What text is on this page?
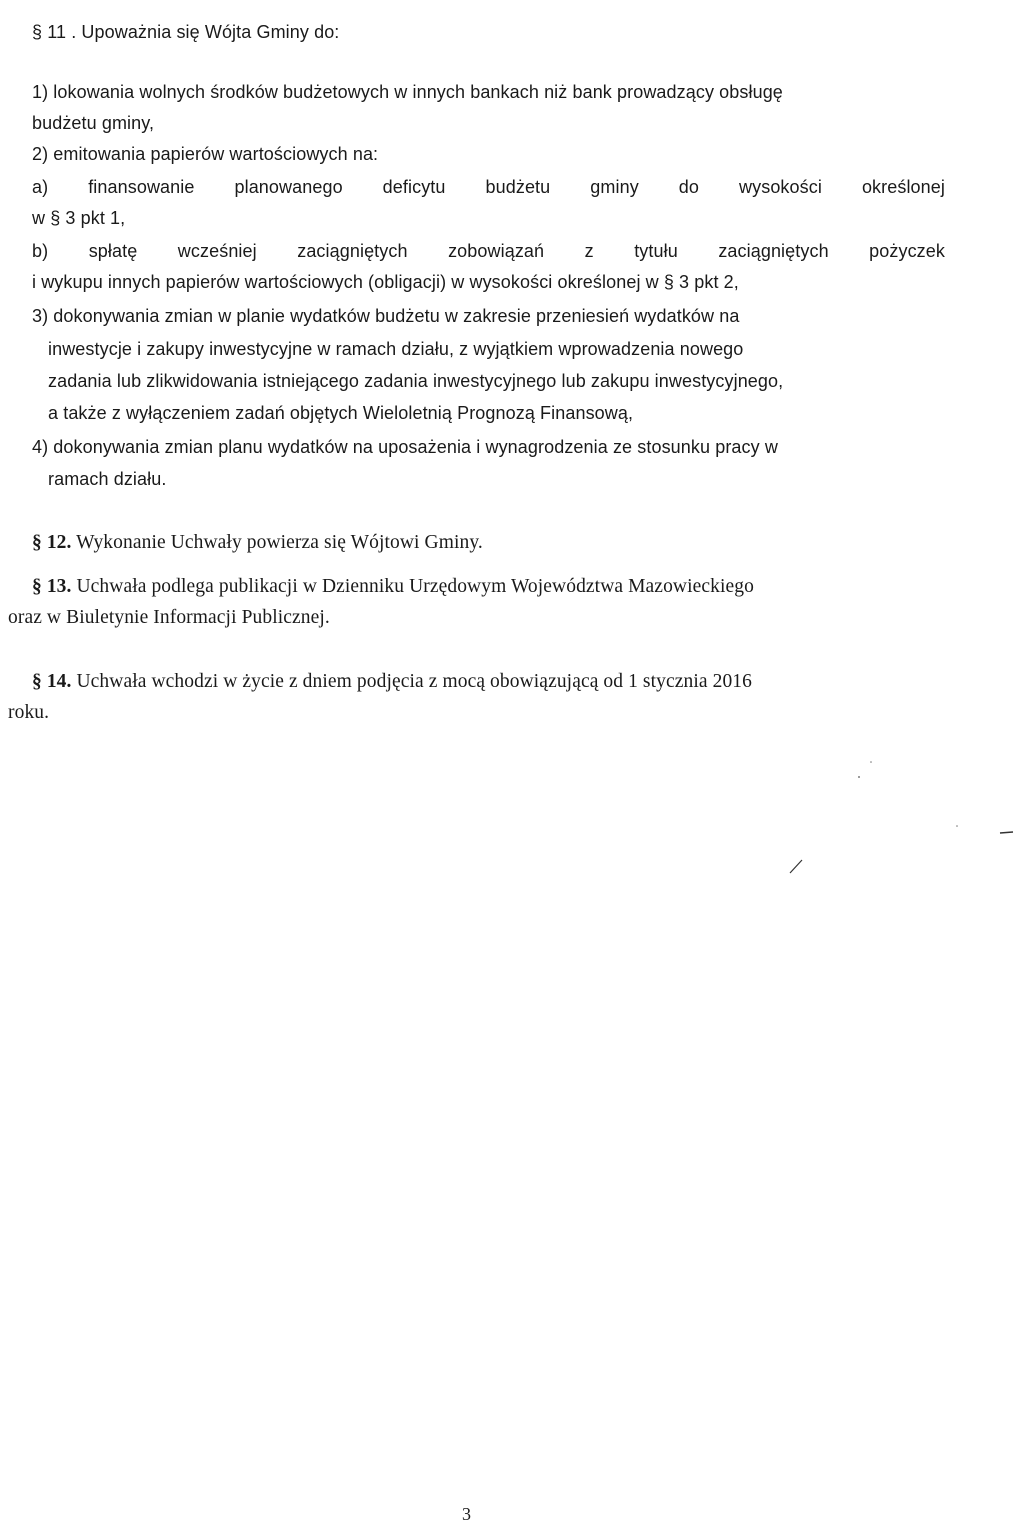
§ 11 . Upoważnia się Wójta Gminy do:
1) lokowania wolnych środków budżetowych w innych bankach niż bank prowadzący obsługę
budżetu gminy,
2) emitowania papierów wartościowych na:
a) finansowanie planowanego deficytu budżetu gminy do wysokości określonej
w § 3 pkt 1,
b) spłatę wcześniej zaciągniętych zobowiązań z tytułu zaciągniętych pożyczek
i wykupu innych papierów wartościowych (obligacji) w wysokości określonej w § 3 pkt 2,
3) dokonywania zmian w planie wydatków budżetu w zakresie przeniesień wydatków na
inwestycje i zakupy inwestycyjne w ramach działu, z wyjątkiem wprowadzenia nowego
zadania lub zlikwidowania istniejącego zadania inwestycyjnego lub zakupu inwestycyjnego,
a także z wyłączeniem zadań objętych Wieloletnią Prognozą Finansową,
4) dokonywania zmian planu wydatków na uposażenia i wynagrodzenia ze stosunku pracy w
ramach działu.
§ 12. Wykonanie Uchwały powierza się Wójtowi Gminy.
§ 13. Uchwała podlega publikacji w Dzienniku Urzędowym Województwa Mazowieckiego
oraz w Biuletynie Informacji Publicznej.
§ 14. Uchwała wchodzi w życie z dniem podjęcia z mocą obowiązującą od 1 stycznia 2016
roku.
3
